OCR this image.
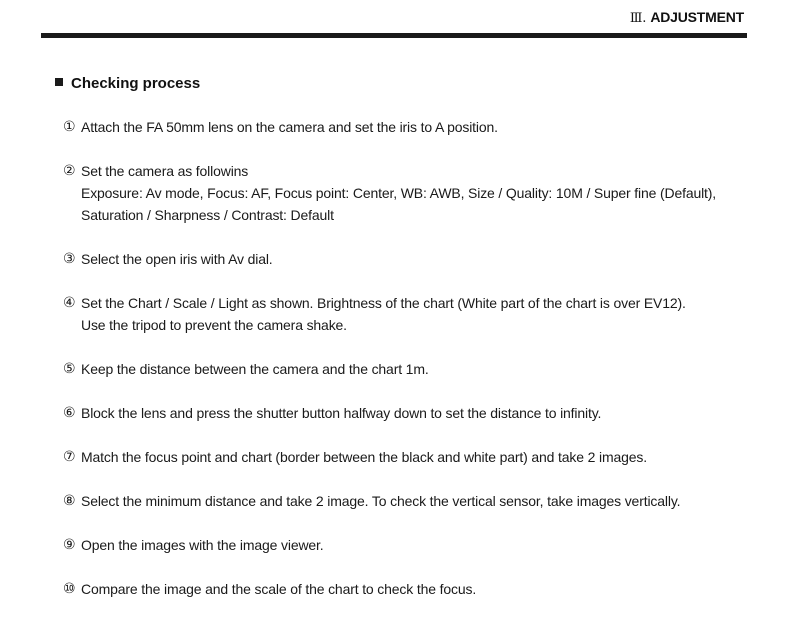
Ⅲ. ADJUSTMENT
Checking process
① Attach the FA 50mm lens on the camera and set the iris to A position.
② Set the camera as followins
Exposure: Av mode, Focus: AF, Focus point: Center, WB: AWB, Size / Quality: 10M / Super fine (Default),
Saturation / Sharpness / Contrast: Default
③ Select the open iris with Av dial.
④ Set the Chart / Scale / Light as shown. Brightness of the chart (White part of the chart is over EV12).
Use the tripod to prevent the camera shake.
⑤ Keep the distance between the camera and the chart 1m.
⑥ Block the lens and press the shutter button halfway down to set the distance to infinity.
⑦ Match the focus point and chart (border between the black and white part) and take 2 images.
⑧ Select the minimum distance and take 2 image. To check the vertical sensor, take images vertically.
⑨ Open the images with the image viewer.
⑩ Compare the image and the scale of the chart to check the focus.
